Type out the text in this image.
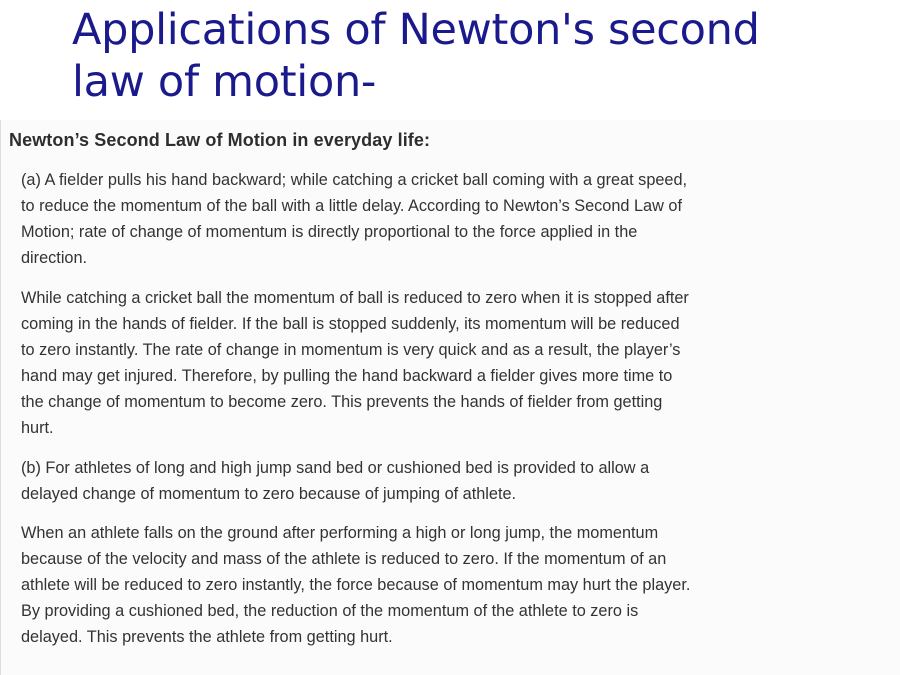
Applications of Newton's second
law of motion-
Newton’s Second Law of Motion in everyday life:

(a) A fielder pulls his hand backward; while catching a cricket ball coming with a great speed,
to reduce the momentum of the ball with a little delay. According to Newton’s Second Law of
Motion; rate of change of momentum is directly proportional to the force applied in the
direction.

While catching a cricket ball the momentum of ball is reduced to zero when it is stopped after
coming in the hands of fielder. If the ball is stopped suddenly, its momentum will be reduced
to zero instantly. The rate of change in momentum is very quick and as a result, the player’s
hand may get injured. Therefore, by pulling the hand backward a fielder gives more time to
the change of momentum to become zero. This prevents the hands of fielder from getting
hurt.

(b) For athletes of long and high jump sand bed or cushioned bed is provided to allow a
delayed change of momentum to zero because of jumping of athlete.

When an athlete falls on the ground after performing a high or long jump, the momentum
because of the velocity and mass of the athlete is reduced to zero. If the momentum of an
athlete will be reduced to zero instantly, the force because of momentum may hurt the player.
By providing a cushioned bed, the reduction of the momentum of the athlete to zero is
delayed. This prevents the athlete from getting hurt.
